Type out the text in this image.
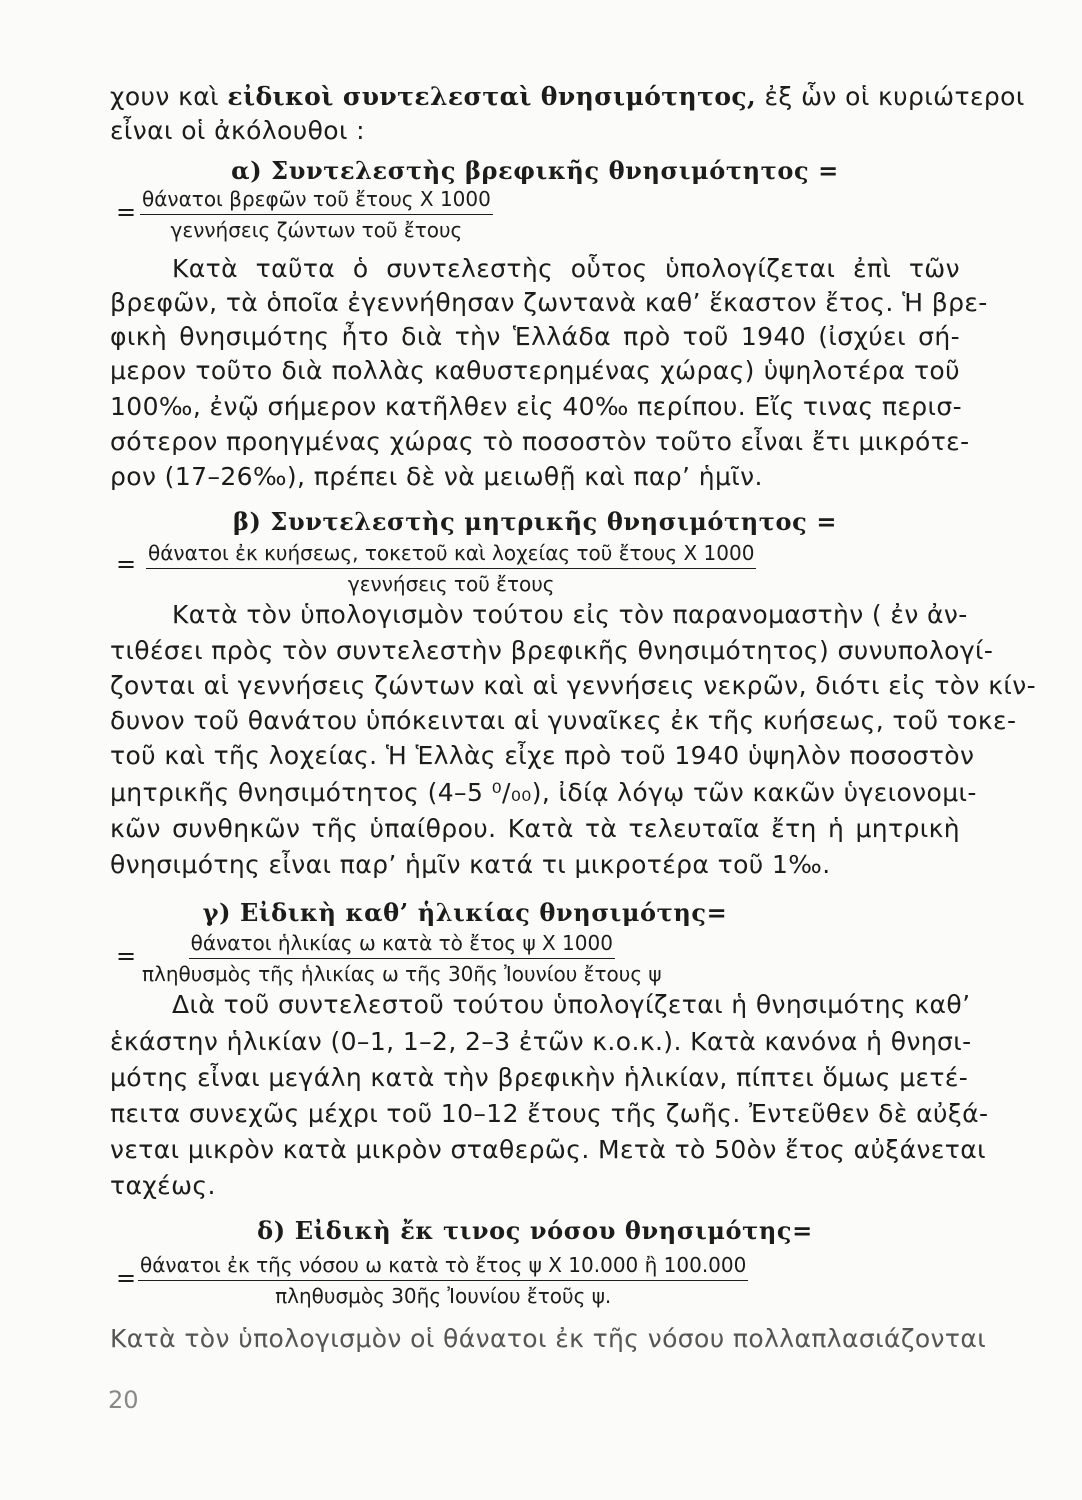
χουν καὶ εἰδικοὶ συντελεσταὶ θνησιμότητος, ἐξ ὧν οἱ κυριώτεροι
εἶναι οἱ ἀκόλουθοι :
α) Συντελεστὴς βρεφικῆς θνησιμότητος =
= θάνατοι βρεφῶν τοῦ ἔτους Χ 1000
γεννήσεις ζώντων τοῦ ἔτους
Κατὰ ταῦτα ὁ συντελεστὴς οὗτος ὑπολογίζεται ἐπὶ τῶν
βρεφῶν, τὰ ὁποῖα ἐγεννήθησαν ζωντανὰ καθ’ ἕκαστον ἔτος. Ἡ βρε-
φικὴ θνησιμότης ἦτο διὰ τὴν Ἑλλάδα πρὸ τοῦ 1940 (ἰσχύει σή-
μερον τοῦτο διὰ πολλὰς καθυστερημένας χώρας) ὑψηλοτέρα τοῦ
100‰, ἐνῷ σήμερον κατῆλθεν εἰς 40‰ περίπου. Εἴς τινας περισ-
σότερον προηγμένας χώρας τὸ ποσοστὸν τοῦτο εἶναι ἔτι μικρότε-
ρον (17–26‰), πρέπει δὲ νὰ μειωθῇ καὶ παρ’ ἡμῖν.
β) Συντελεστὴς μητρικῆς θνησιμότητος =
= θάνατοι ἐκ κυήσεως, τοκετοῦ καὶ λοχείας τοῦ ἔτους Χ 1000
γεννήσεις τοῦ ἔτους
Κατὰ τὸν ὑπολογισμὸν τούτου εἰς τὸν παρανομαστὴν ( ἐν ἀν-
τιθέσει πρὸς τὸν συντελεστὴν βρεφικῆς θνησιμότητος) συνυπολογί-
ζονται αἱ γεννήσεις ζώντων καὶ αἱ γεννήσεις νεκρῶν, διότι εἰς τὸν κίν-
δυνον τοῦ θανάτου ὑπόκεινται αἱ γυναῖκες ἐκ τῆς κυήσεως, τοῦ τοκε-
τοῦ καὶ τῆς λοχείας. Ἡ Ἑλλὰς εἶχε πρὸ τοῦ 1940 ὑψηλὸν ποσοστὸν
μητρικῆς θνησιμότητος (4–5 ⁰/₀₀), ἰδίᾳ λόγῳ τῶν κακῶν ὑγειονομι-
κῶν συνθηκῶν τῆς ὑπαίθρου. Κατὰ τὰ τελευταῖα ἔτη ἡ μητρικὴ
θνησιμότης εἶναι παρ’ ἡμῖν κατά τι μικροτέρα τοῦ 1‰.
γ) Εἰδικὴ καθ’ ἡλικίας θνησιμότης=
=	θάνατοι ἡλικίας ω κατὰ τὸ ἔτος ψ Χ 1000
πληθυσμὸς τῆς ἡλικίας ω τῆς 30ῆς Ἰουνίου ἔτους ψ
Διὰ τοῦ συντελεστοῦ τούτου ὑπολογίζεται ἡ θνησιμότης καθ’
ἑκάστην ἡλικίαν (0–1, 1–2, 2–3 ἐτῶν κ.ο.κ.). Κατὰ κανόνα ἡ θνησι-
μότης εἶναι μεγάλη κατὰ τὴν βρεφικὴν ἡλικίαν, πίπτει ὅμως μετέ-
πειτα συνεχῶς μέχρι τοῦ 10–12 ἔτους τῆς ζωῆς. Ἐντεῦθεν δὲ αὐξά-
νεται μικρὸν κατὰ μικρὸν σταθερῶς. Μετὰ τὸ 50ὸν ἔτος αὐξάνεται
ταχέως.
δ) Εἰδικὴ ἔκ τινος νόσου θνησιμότης=
= θάνατοι ἐκ τῆς νόσου ω κατὰ τὸ ἔτος ψ Χ 10.000 ἢ 100.000
πληθυσμὸς 30ῆς Ἰουνίου ἔτοῦς ψ.
Κατὰ τὸν ὑπολογισμὸν οἱ θάνατοι ἐκ τῆς νόσου πολλαπλασιάζονται
20
